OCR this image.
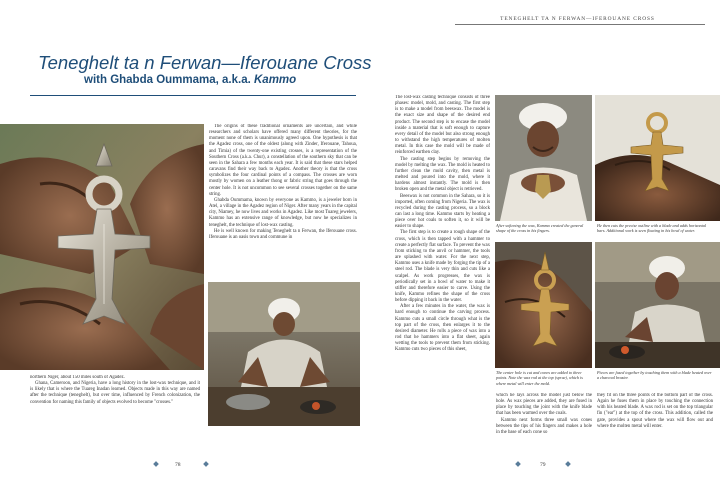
TENEGHELT TA N FERWAN—IFEROUANE CROSS
Teneghelt ta n Ferwan—Iferouane Cross
with Ghabda Oummama, a.k.a. Kammo

The origins of these traditional ornaments are uncertain, and while researchers and scholars have offered many different theories, for the moment none of them is unanimously agreed upon. One hypothesis is that the Agadez cross, one of the oldest (along with Zinder, Iferouane, Tahoua, and Timia) of the twenty-one existing crosses, is a representation of the Southern Cross (a.k.a. Chur), a constellation of the southern sky that can be seen in the Sahara a few months each year. It is said that these stars helped caravans find their way back to Agadez. Another theory is that the cross symbolizes the four cardinal points of a compass. The crosses are worn mostly by women on a leather thong or fabric string that goes through the center hole. It is not uncommon to see several crosses together on the same string.

Ghabda Oummama, known by everyone as Kammo, is a jeweler born in Atel, a village in the Agadez region of Niger. After many years in the capital city, Niamey, he now lives and works in Agadez. Like most Tuareg jewelers, Kammo has an extensive range of knowledge, but now he specializes in teneghelt, the technique of lost-wax casting.

He is well known for making Teneghelt ta n Ferwan, the Iferouane cross. Iferouane is an oasis town and commune in

northern Niger, about 150 miles south of Agadez.

Ghana, Cameroon, and Nigeria, have a long history in the lost-wax technique, and it is likely that is where the Tuareg Inadan learned. Objects made in this way are named after the technique (teneghelt), but over time, influenced by French colonization, the convention for naming this family of objects evolved to become "crosses."

The lost-wax casting technique consists of three phases: model, mold, and casting. The first step is to make a model from beeswax. The model is the exact size and shape of the desired end product. The second step is to encase the model inside a material that is soft enough to capture every detail of the model but also strong enough to withstand the high temperatures of molten metal. In this case the mold will be made of reinforced earthen clay.

The casting step begins by removing the model by melting the wax. The mold is heated to further clean the mold cavity, then metal is melted and poured into the mold, where it hardens almost instantly. The mold is then broken open and the metal object is retrieved.

Beeswax is not common in the Sahara, so it is imported, often coming from Nigeria. The wax is recycled during the casting process, so a block can last a long time. Kammo starts by heating a piece over hot coals to soften it, so it will be easier to shape.

The first step is to create a rough shape of the cross, which is then tapped with a hammer to create a perfectly flat surface. To prevent the wax from sticking to the anvil or hammer, the tools are splashed with water. For the next step, Kammo uses a knife made by forging the tip of a steel rod. The blade is very thin and cuts like a scalpel. As work progresses, the wax is periodically set in a bowl of water to make it stiffer and therefore easier to carve. Using the knife, Kammo refines the shape of the cross before dipping it back in the water.

After a few minutes in the water, the wax is hard enough to continue the carving process. Kammo cuts a small circle through what is the top part of the cross, then enlarges it to the desired diameter. He rolls a piece of wax into a rod that he hammers into a flat sheet, again wetting the tools to prevent them from sticking. Kammo cuts two pieces of this sheet,

After softening the wax, Kammo created the general shape of the cross in his fingers.
He then cuts the precise outline with a blade and adds horizontal bars. Additional work is seen floating in his bowl of water.
The center hole is cut and cones are added to three points. Note the wax rod at the top (sprue), which is where metal will enter the mold.
Pieces are fused together by touching them with a blade heated over a charcoal brazier.

which he lays across the model just below the hole. As wax pieces are added, they are fused in place by touching the joint with the knife blade that has been warmed over the coals.

Kammo next forms three small wax cones between the tips of his fingers and makes a hole in the base of each cone so

they fit on the three points of the bottom part of the cross. Again he fuses them in place by touching the connection with his heated blade. A wax rod is set on the top triangular fin ("ear") at the top of the cross. This addition, called the gate, provides a spout where the wax will flow out and where the molten metal will enter.

78	79
